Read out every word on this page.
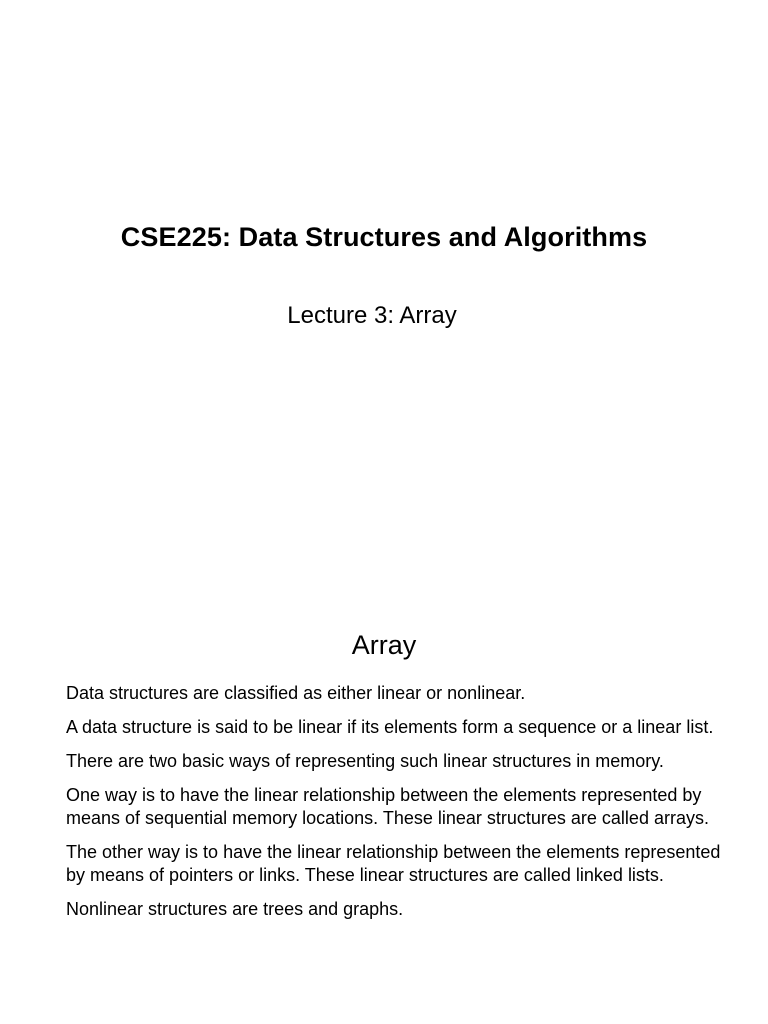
CSE225: Data Structures and Algorithms
Lecture 3: Array
Array

Data structures are classified as either linear or nonlinear.

A data structure is said to be linear if its elements form a sequence or a linear list.

There are two basic ways of representing such linear structures in memory.

One way is to have the linear relationship between the elements represented by means of sequential memory locations. These linear structures are called arrays.

The other way is to have the linear relationship between the elements represented by means of pointers or links. These linear structures are called linked lists.

Nonlinear structures are trees and graphs.
